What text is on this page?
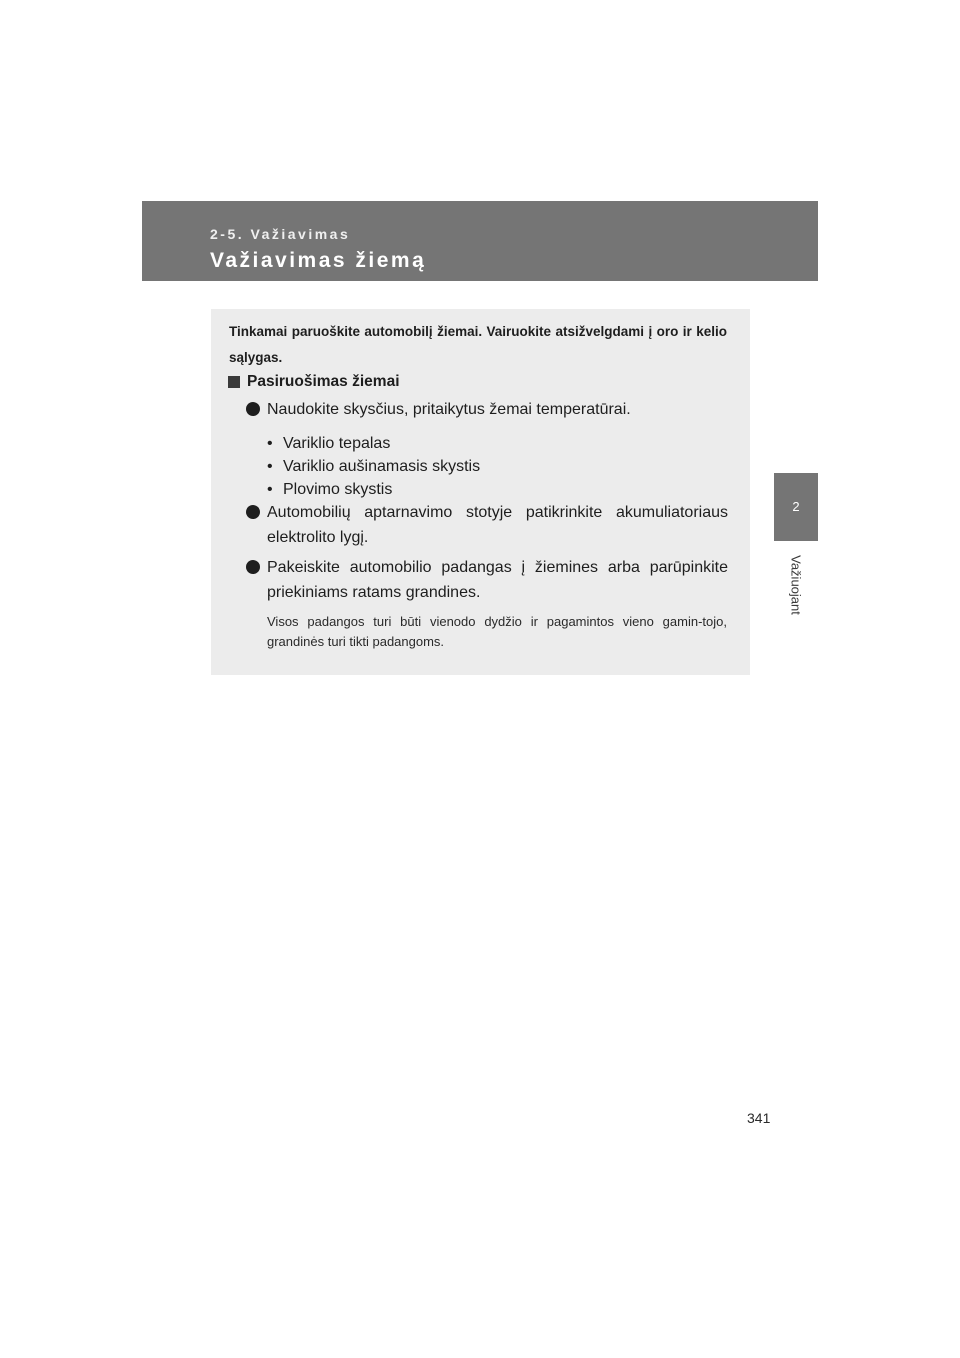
2-5. Važiavimas
Važiavimas žiemą
2
Važiuojant
Tinkamai paruoškite automobilį žiemai. Vairuokite atsižvelgdami į oro ir kelio sąlygas.
Pasiruošimas žiemai
Naudokite skysčius, pritaikytus žemai temperatūrai.
• Variklio tepalas
• Variklio aušinamasis skystis
• Plovimo skystis
Automobilių aptarnavimo stotyje patikrinkite akumuliatoriaus elektrolito lygį.
Pakeiskite automobilio padangas į žiemines arba parūpinkite priekiniams ratams grandines.
Visos padangos turi būti vienodo dydžio ir pagamintos vieno gamin-tojo, grandinės turi tikti padangoms.
341
